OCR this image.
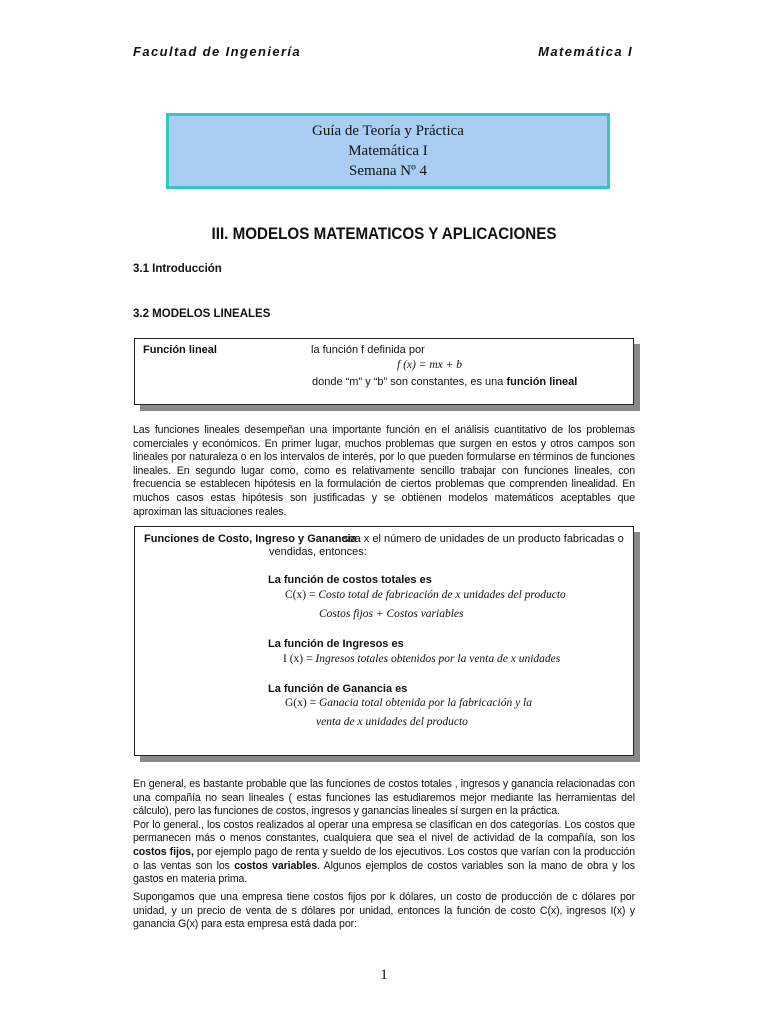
Facultad de Ingeniería	Matemática I
Guía de Teoría y Práctica
Matemática I
Semana Nº 4
III. MODELOS MATEMATICOS Y APLICACIONES
3.1 Introducción
3.2 MODELOS LINEALES
Función lineal	la función f definida por
f (x) = mx + b
donde “m” y “b” son constantes, es una función lineal

Las funciones lineales desempeñan una importante función en el análisis cuantitativo de los problemas comerciales y económicos. En primer lugar, muchos problemas que surgen en estos y otros campos son lineales por naturaleza o en los intervalos de interés, por lo que pueden formularse en términos de funciones lineales. En segundo lugar como, como es relativamente sencillo trabajar con funciones lineales, con frecuencia se establecen hipótesis en la formulación de ciertos problemas que comprenden linealidad. En muchos casos estas hipótesis son justificadas y se obtienen modelos matemáticos aceptables que aproximan las situaciones reales.

Funciones de Costo, Ingreso y Ganancia
sea x el número de unidades de un producto fabricadas o
vendidas, entonces:
La función de costos totales es
C(x) = Costo total de fabricación de x unidades del producto
Costos fijos + Costos variables
La función de Ingresos es
I (x) = Ingresos totales obtenidos por la venta de x unidades
La función de Ganancia es
G(x) = Ganacia total obtenida por la fabricación y la
venta de x unidades del producto

En general, es bastante probable que las funciones de costos totales , ingresos y ganancia relacionadas con una compañía no sean lineales ( estas funciones las estudiaremos mejor mediante las herramientas del cálculo), pero las funciones de costos, ingresos y ganancias lineales sí surgen en la práctica.

Por lo general., los costos realizados al operar una empresa se clasifican en dos categorías. Los costos que permanecen más o menos constantes, cualquiera que sea el nivel de actividad de la compañía, son los costos fijos, por ejemplo pago de renta y sueldo de los ejecutivos. Los costos que varían con la producción o las ventas son los costos variables. Algunos ejemplos de costos variables son la mano de obra y los gastos en materia prima.

Supongamos que una empresa tiene costos fijos por k dólares, un costo de producción de c dólares por unidad, y un precio de venta de s dólares por unidad, entonces la función de costo C(x), ingresos I(x) y ganancia G(x) para esta empresa está dada por:

1
